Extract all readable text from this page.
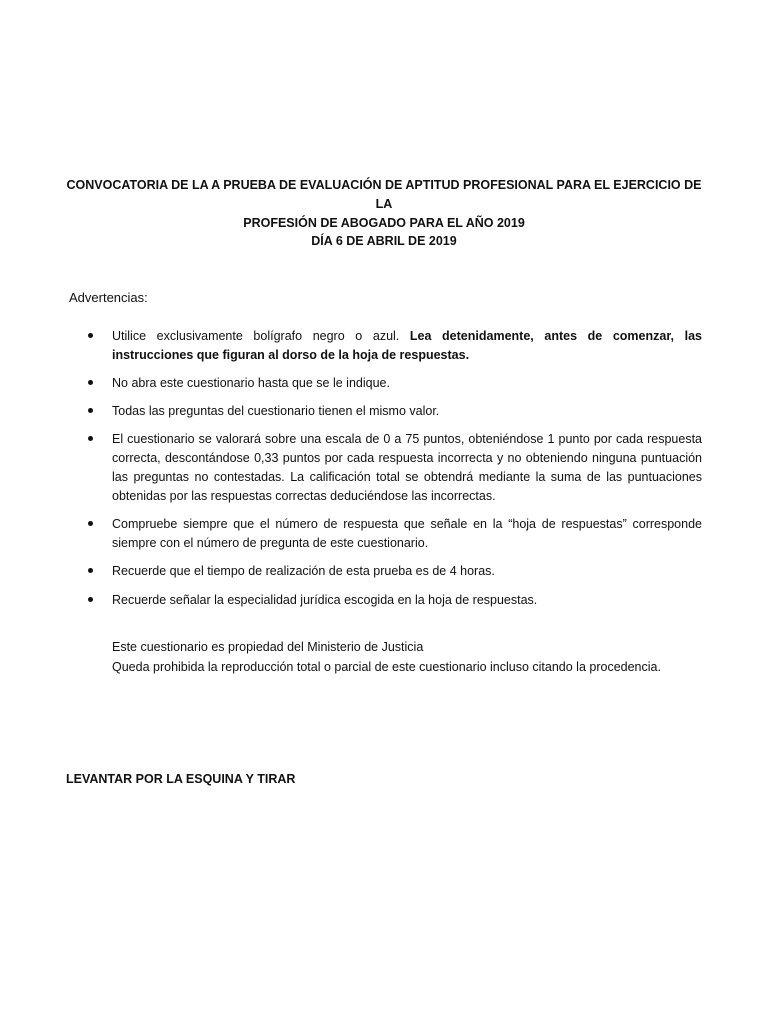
CONVOCATORIA DE LA A PRUEBA DE EVALUACIÓN DE APTITUD PROFESIONAL PARA EL EJERCICIO DE LA
PROFESIÓN DE ABOGADO PARA EL AÑO 2019
DÍA 6 DE ABRIL DE 2019
Advertencias:
Utilice exclusivamente bolígrafo negro o azul. Lea detenidamente, antes de comenzar, las instrucciones que figuran al dorso de la hoja de respuestas.
No abra este cuestionario hasta que se le indique.
Todas las preguntas del cuestionario tienen el mismo valor.
El cuestionario se valorará sobre una escala de 0 a 75 puntos, obteniéndose 1 punto por cada respuesta correcta, descontándose 0,33 puntos por cada respuesta incorrecta y no obteniendo ninguna puntuación las preguntas no contestadas. La calificación total se obtendrá mediante la suma de las puntuaciones obtenidas por las respuestas correctas deduciéndose las incorrectas.
Compruebe siempre que el número de respuesta que señale en la “hoja de respuestas” corresponde siempre con el número de pregunta de este cuestionario.
Recuerde que el tiempo de realización de esta prueba es de 4 horas.
Recuerde señalar la especialidad jurídica escogida en la hoja de respuestas.
Este cuestionario es propiedad del Ministerio de Justicia
Queda prohibida la reproducción total o parcial de este cuestionario incluso citando la procedencia.
LEVANTAR POR LA ESQUINA Y TIRAR
